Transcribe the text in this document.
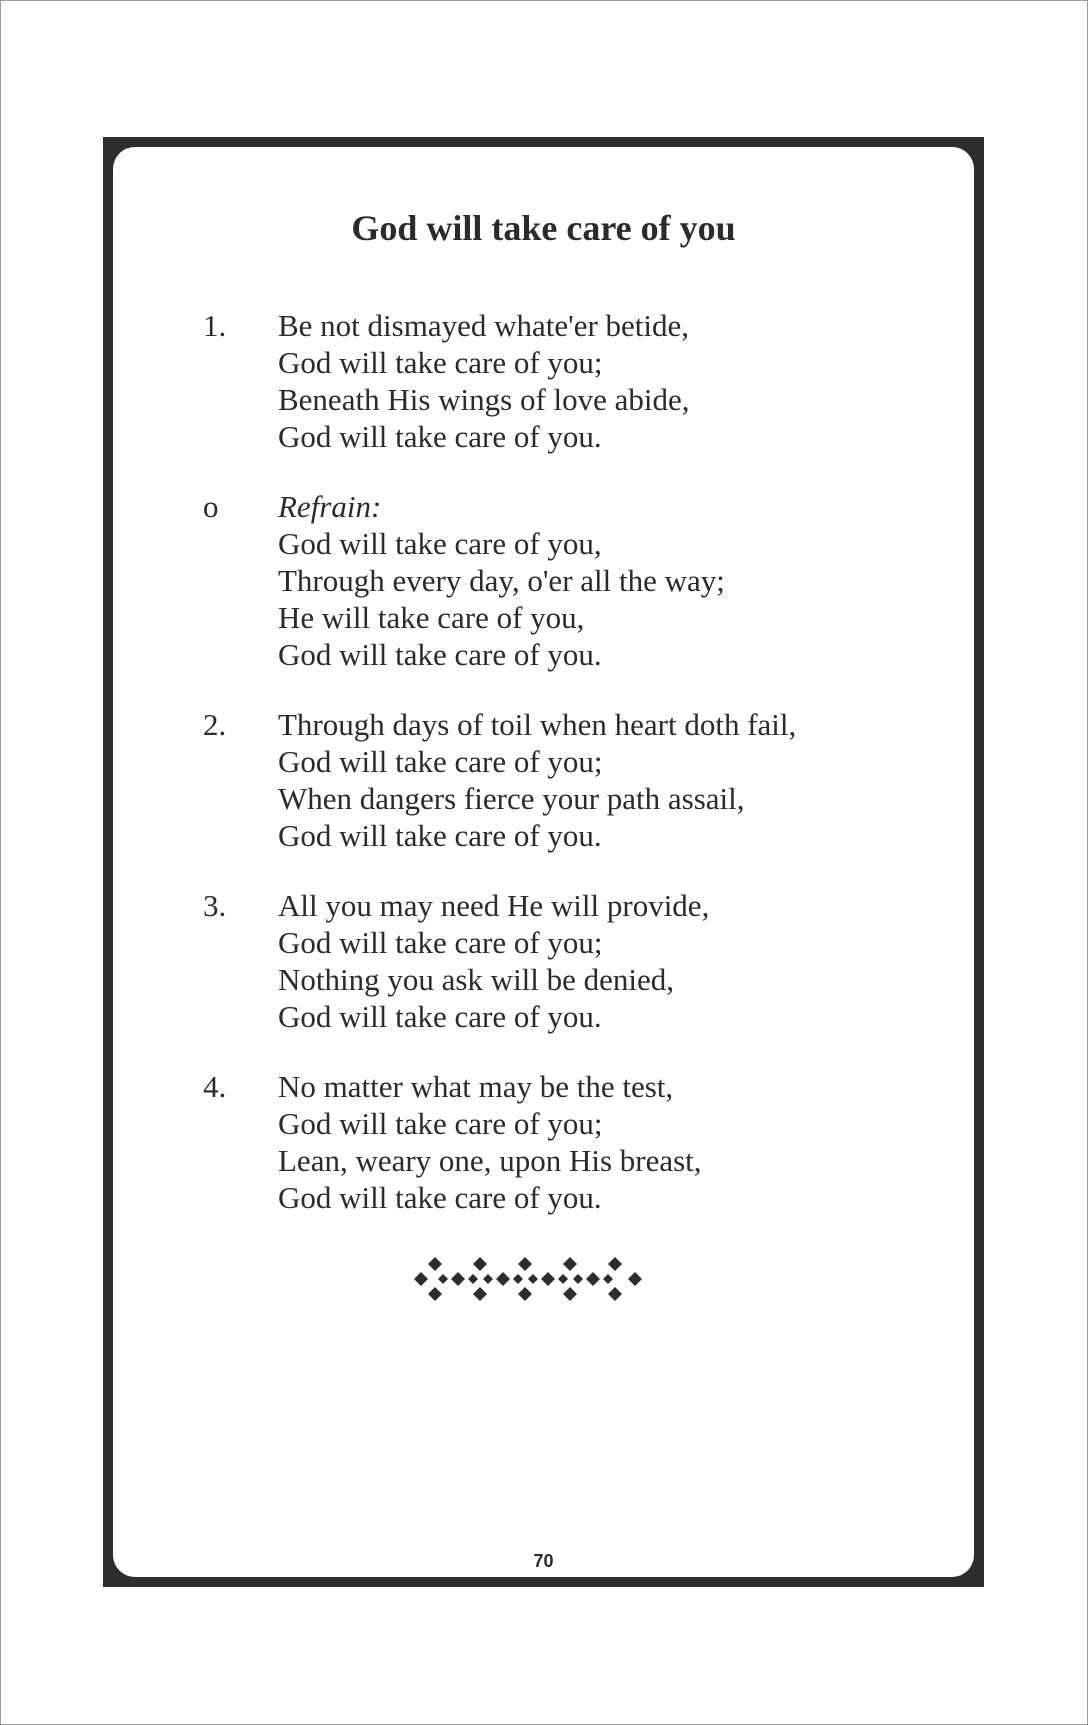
God will take care of you
1.	Be not dismayed whate'er betide,
God will take care of you;
Beneath His wings of love abide,
God will take care of you.
o	Refrain:
God will take care of you,
Through every day, o'er all the way;
He will take care of you,
God will take care of you.
2.	Through days of toil when heart doth fail,
God will take care of you;
When dangers fierce your path assail,
God will take care of you.
3.	All you may need He will provide,
God will take care of you;
Nothing you ask will be denied,
God will take care of you.
4.	No matter what may be the test,
God will take care of you;
Lean, weary one, upon His breast,
God will take care of you.
70
